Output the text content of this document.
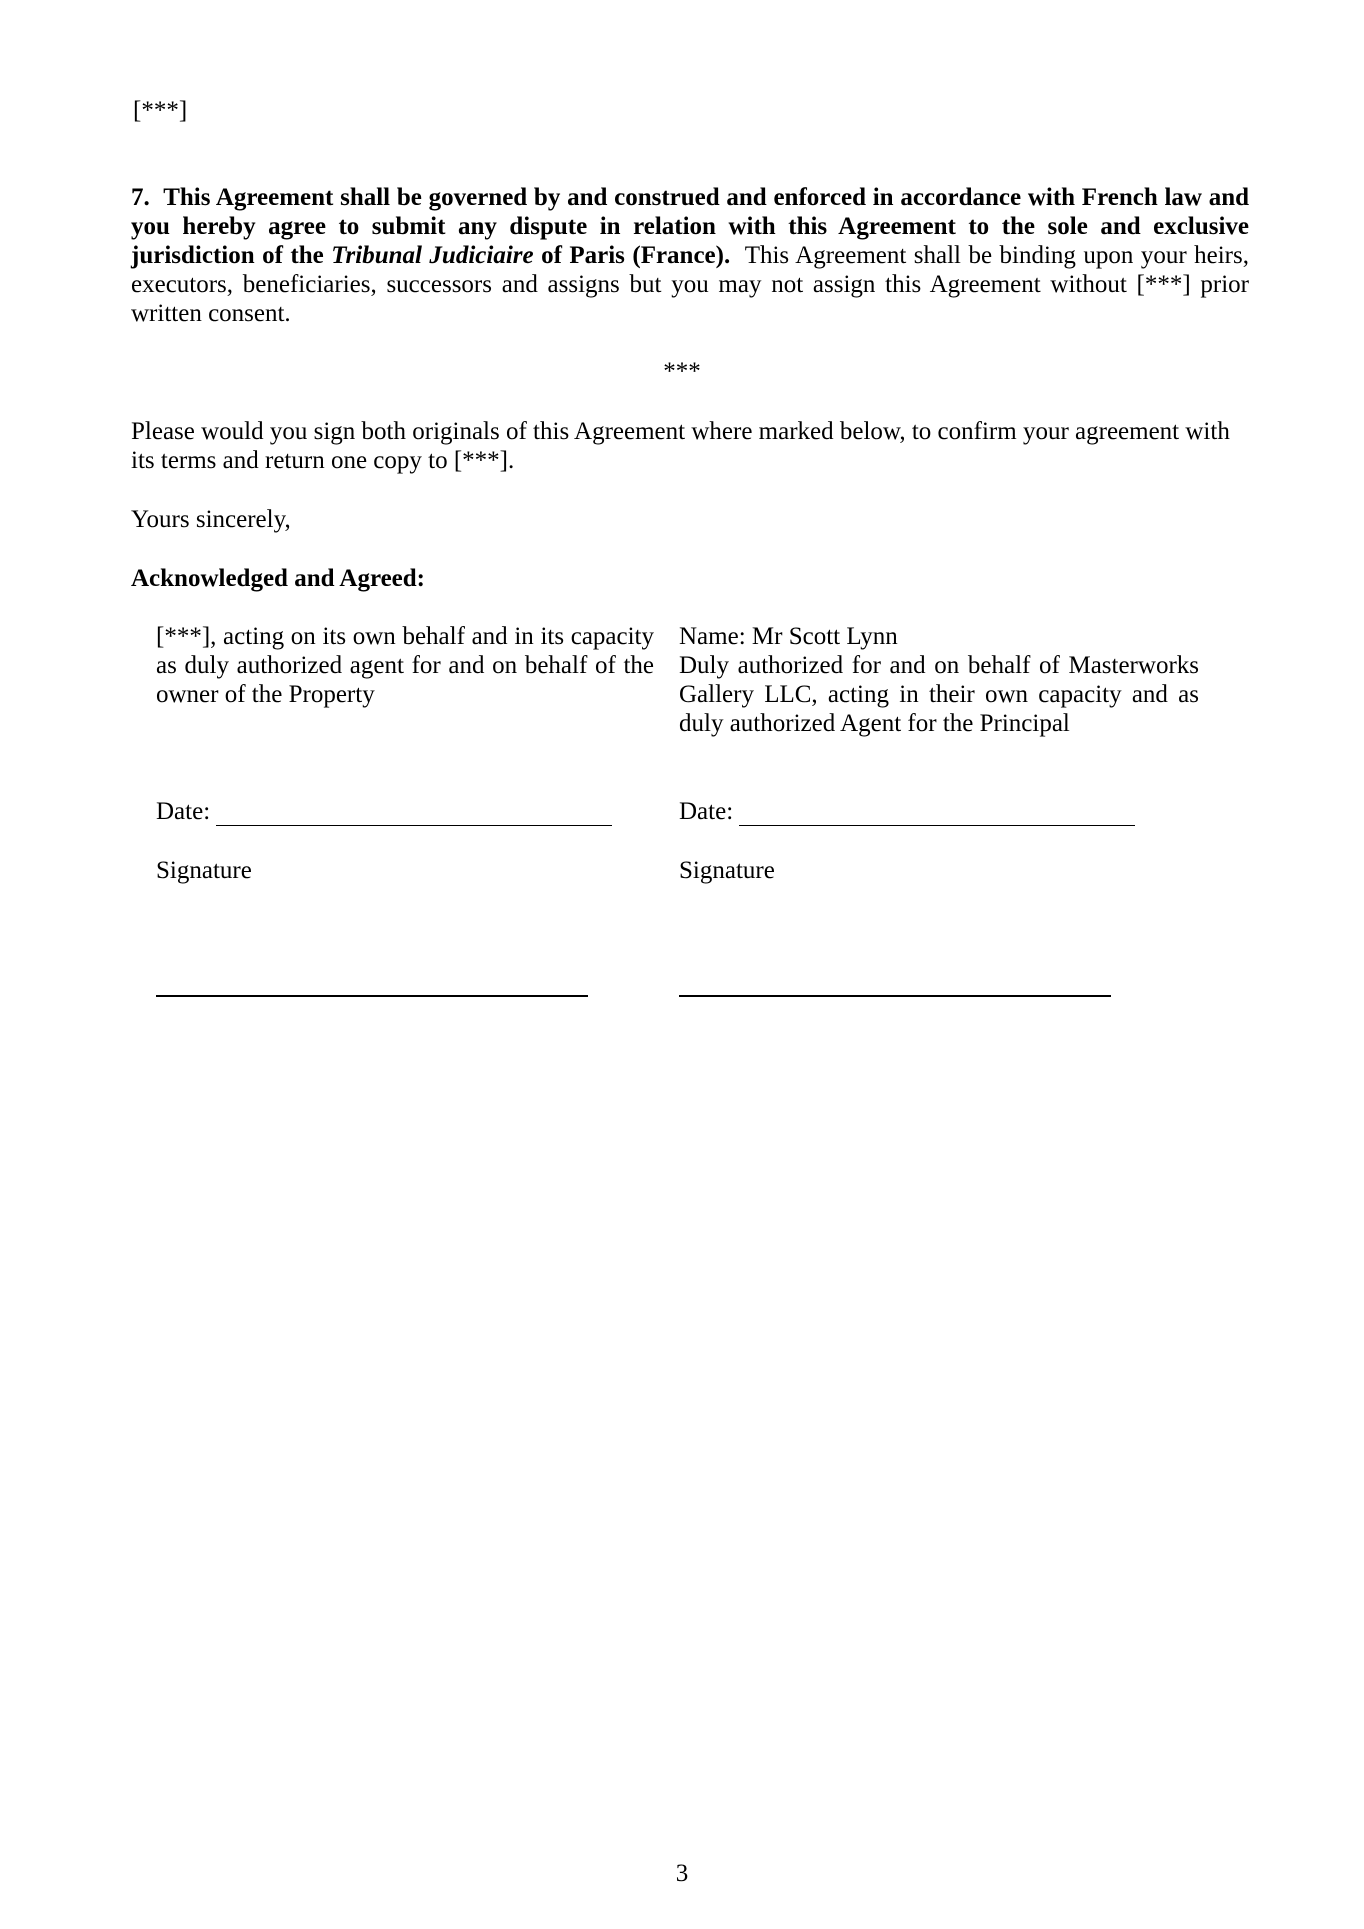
[***]
7. This Agreement shall be governed by and construed and enforced in accordance with French law and you hereby agree to submit any dispute in relation with this Agreement to the sole and exclusive jurisdiction of the Tribunal Judiciaire of Paris (France). This Agreement shall be binding upon your heirs, executors, beneficiaries, successors and assigns but you may not assign this Agreement without [***] prior written consent.
***
Please would you sign both originals of this Agreement where marked below, to confirm your agreement with its terms and return one copy to [***].
Yours sincerely,
Acknowledged and Agreed:
[***], acting on its own behalf and in its capacity as duly authorized agent for and on behalf of the owner of the Property
Name: Mr Scott Lynn
Duly authorized for and on behalf of Masterworks
Gallery LLC, acting in their own capacity and as
duly authorized Agent for the Principal
Date:	Date:
Signature	Signature
3
